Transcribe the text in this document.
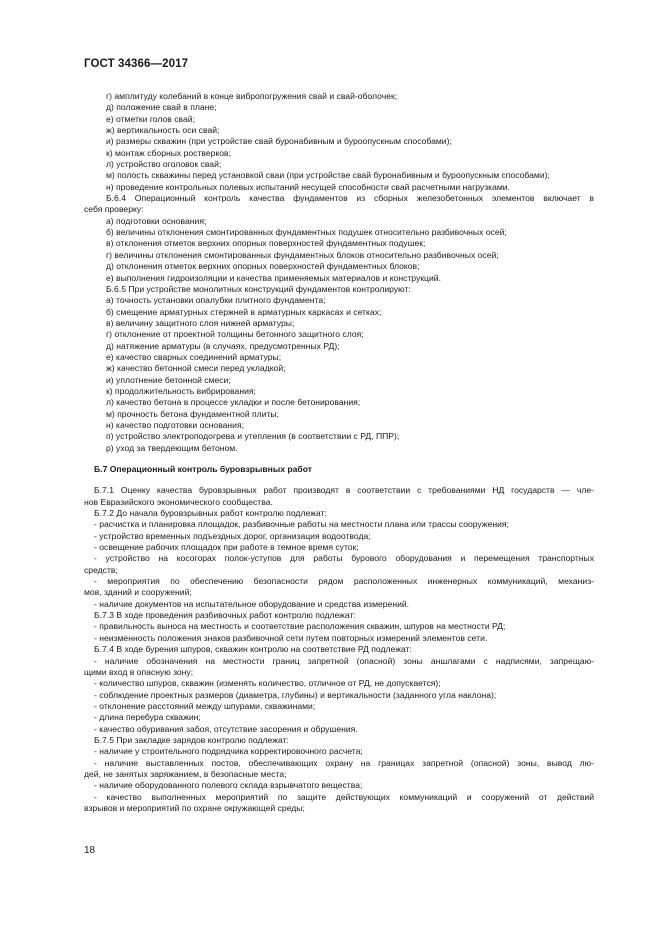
ГОСТ 34366—2017
г) амплитуду колебаний в конце вибропогружения свай и свай-оболочек;
д) положение свай в плане;
е) отметки голов свай;
ж) вертикальность оси свай;
и) размеры скважин (при устройстве свай буронабивным и буроопускным способами);
к) монтаж сборных ростверков;
л) устройство оголовок свай;
м) полость скважины перед установкой сваи (при устройстве свай буронабивным и буроопускным способами);
н) проведение контрольных полевых испытаний несущей способности свай расчетными нагрузками.
Б.6.4 Операционный контроль качества фундаментов из сборных железобетонных элементов включает в
себя проверку:
а) подготовки основания;
б) величины отклонения смонтированных фундаментных подушек относительно разбивочных осей;
в) отклонения отметок верхних опорных поверхностей фундаментных подушек;
г) величины отклонения смонтированных фундаментных блоков относительно разбивочных осей;
д) отклонения отметок верхних опорных поверхностей фундаментных блоков;
е) выполнения гидроизоляции и качества применяемых материалов и конструкций.
Б.6.5 При устройстве монолитных конструкций фундаментов контролируют:
а) точность установки опалубки плитного фундамента;
б) смещение арматурных стержней в арматурных каркасах и сетках;
в) величину защитного слоя нижней арматуры;
г) отклонение от проектной толщины бетонного защитного слоя;
д) натяжение арматуры (в случаях, предусмотренных РД);
е) качество сварных соединений арматуры;
ж) качество бетонной смеси перед укладкой;
и) уплотнение бетонной смеси;
к) продолжительность вибрирования;
л) качество бетона в процессе укладки и после бетонирования;
м) прочность бетона фундаментной плиты;
н) качество подготовки основания;
п) устройство электроподогрева и утепления (в соответствии с РД, ППР);
р) уход за твердеющим бетоном.
Б.7 Операционный контроль буровзрывных работ
Б.7.1 Оценку качества буровзрывных работ производят в соответствии с требованиями НД государств — чле-
нов Евразийского экономического сообщества.
Б.7.2 До начала буровзрывных работ контролю подлежат:
- расчистка и планировка площадок, разбивочные работы на местности плана или трассы сооружения;
- устройство временных подъездных дорог, организация водоотвода;
- освещение рабочих площадок при работе в темное время суток;
- устройство на косогорах полок-уступов для работы бурового оборудования и перемещения транспортных
средств;
- мероприятия по обеспечению безопасности рядом расположенных инженерных коммуникаций, механиз-
мов, зданий и сооружений;
- наличие документов на испытательное оборудование и средства измерений.
Б.7.3 В ходе проведения разбивочных работ контролю подлежат:
- правильность выноса на местность и соответствие расположения скважин, шпуров на местности РД;
- неизменность положения знаков разбивочной сети путем повторных измерений элементов сети.
Б.7.4 В ходе бурения шпуров, скважин контролю на соответствие РД подлежат:
- наличие обозначения на местности границ запретной (опасной) зоны аншлагами с надписями, запрещаю-
щими вход в опасную зону;
- количество шпуров, скважин (изменять количество, отличное от РД, не допускается);
- соблюдение проектных размеров (диаметра, глубины) и вертикальности (заданного угла наклона);
- отклонение расстояний между шпурами, скважинами;
- длина перебура скважин;
- качество обуривания забоя, отсутствие засорения и обрушения.
Б.7.5 При закладке зарядов контролю подлежат:
- наличие у строительного подрядчика корректировочного расчета;
- наличие выставленных постов, обеспечивающих охрану на границах запретной (опасной) зоны, вывод лю-
дей, не занятых заряжанием, в безопасные места;
- наличие оборудованного полевого склада взрывчатого вещества;
- качество выполненных мероприятий по защите действующих коммуникаций и сооружений от действий
взрывов и мероприятий по охране окружающей среды;
18
